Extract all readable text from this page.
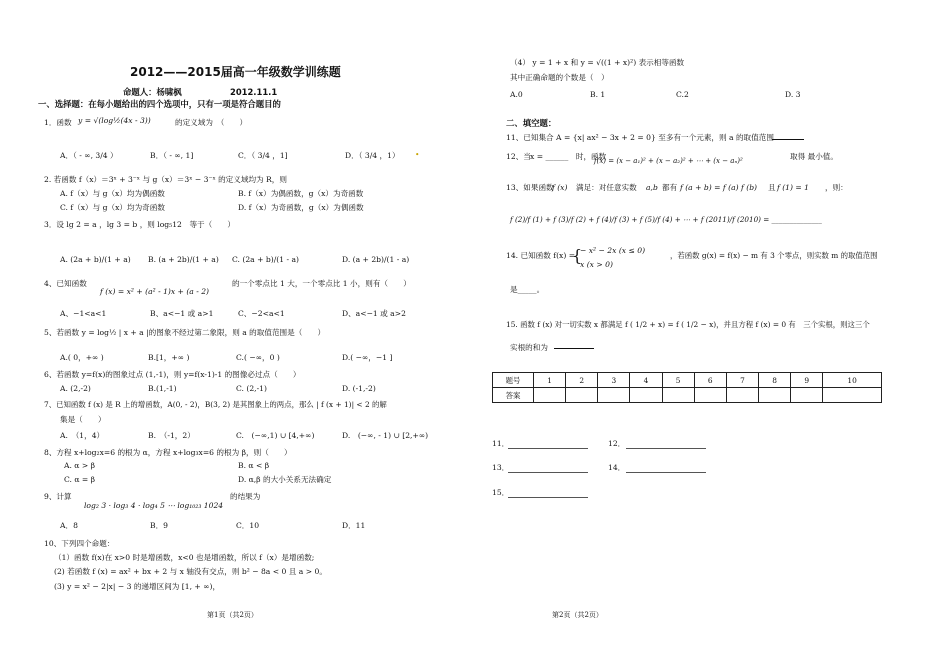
2012——2015届高一年级数学训练题
命题人：杨啸枫	2012.11.1
一、选择题：在每小题给出的四个选项中，只有一项是符合题目的
1．函数 y = √(log½(4x - 3))	的定义域为　（　　）
A．（ - ∞, 3/4 ）	B．（ - ∞, 1]	C．（ 3/4 ，1]	D．（ 3/4 ，1） •
2. 若函数 f（x）＝3ˣ + 3⁻ˣ 与 g（x）＝3ˣ − 3⁻ˣ 的定义域均为 R，则
A. f（x）与 g（x）均为偶函数	B. f（x）为偶函数，g（x）为奇函数
C. f（x）与 g（x）均为奇函数	D. f（x）为奇函数，g（x）为偶函数
3．设 lg 2 = a ，lg 3 = b ，则 log₅12　等于（　　）
A. (2a + b)/(1 + a) B. (a + 2b)/(1 + a) C. (2a + b)/(1 - a)	D. (a + 2b)/(1 - a)
4、已知函数
f (x) = x² + (a² - 1)x + (a - 2)
的一个零点比 1 大，一个零点比 1 小，则有（　　）
A、−1<a<1	B、a<−1 或 a>1	C、−2<a<1	D、a<−1 或 a>2
5、若函数 y = log½ | x + a |的图象不经过第二象限，则 a 的取值范围是（　　）
A.( 0，+∞ )	B.[1，+∞ )	C.( −∞，0 )	D.( −∞，−1 ]
6、若函数 y=f(x)的图象过点 (1,-1)，则 y=f(x-1)-1 的图像必过点（　　）
A. (2,-2)	B.(1,-1)	C. (2,-1)	D. (-1,-2)
7、已知函数 f (x) 是 R 上的增函数，A(0, - 2)，B(3, 2) 是其图象上的两点，那么 | f (x + 1)| < 2 的解
集是（　　）
A.　（1，4）	B.　（-1，2）	C.　(−∞,1) ∪ [4,+∞)	D.　(−∞, - 1) ∪ [2,+∞)
8、方程 x+log₂x=6 的根为 α，方程 x+log₃x=6 的根为 β，则（　　）
A. α > β	B. α < β
C. α = β	D. α,β 的大小关系无法确定
9、计算
log₂ 3 · log₃ 4 · log₄ 5 ⋯ log₁₀₂₃ 1024
的结果为
A．8	B．9	C．10	D．11
10、下列四个命题：
（1）函数 f(x)在 x>0 时是增函数，x<0 也是增函数，所以 f（x）是增函数;
(2) 若函数 f (x) = ax² + bx + 2 与 x 轴没有交点，则 b² − 8a < 0 且 a > 0。
(3) y = x² − 2|x| − 3 的递增区间为 [1, + ∞)，
第1页（共2页）
（4） y = 1 + x 和 y = √((1 + x)²) 表示相等函数
其中正确命题的个数是（　）
A.0	B. 1	C.2	D. 3
二、填空题：
11、已知集合 A = {x| ax² − 3x + 2 = 0} 至多有一个元素，则 a 的取值范围
12、当 x = ______　时，函数
f(x) = (x − a₁)² + (x − a₂)² + ⋯ + (x − aₙ)²	取得 最小值。
13、如果函数
f (x) 满足：对任意实数 a,b 都有 f (a + b) = f (a) f (b) 且 f (1) = 1 ，则：
f (2)/f (1) + f (3)/f (2) + f (4)/f (3) + f (5)/f (4) + ⋯ + f (2011)/f (2010) = ______________
14. 已知函数 f(x) =
{
− x² − 2x (x ≤ 0)
x (x > 0)
，若函数 g(x) = f(x) − m 有 3 个零点，则实数 m 的取值范围
是_____。
15. 函数 f (x) 对一切实数 x 都满足 f ( 1/2 + x) = f ( 1/2 − x)，并且方程 f (x) = 0 有　三个实根，则这三个
实根的和为
题号	1	2	3	4	5	6	7	8	9	10
答案										
11．	12．
13．	14．
15．
第2页（共2页）
